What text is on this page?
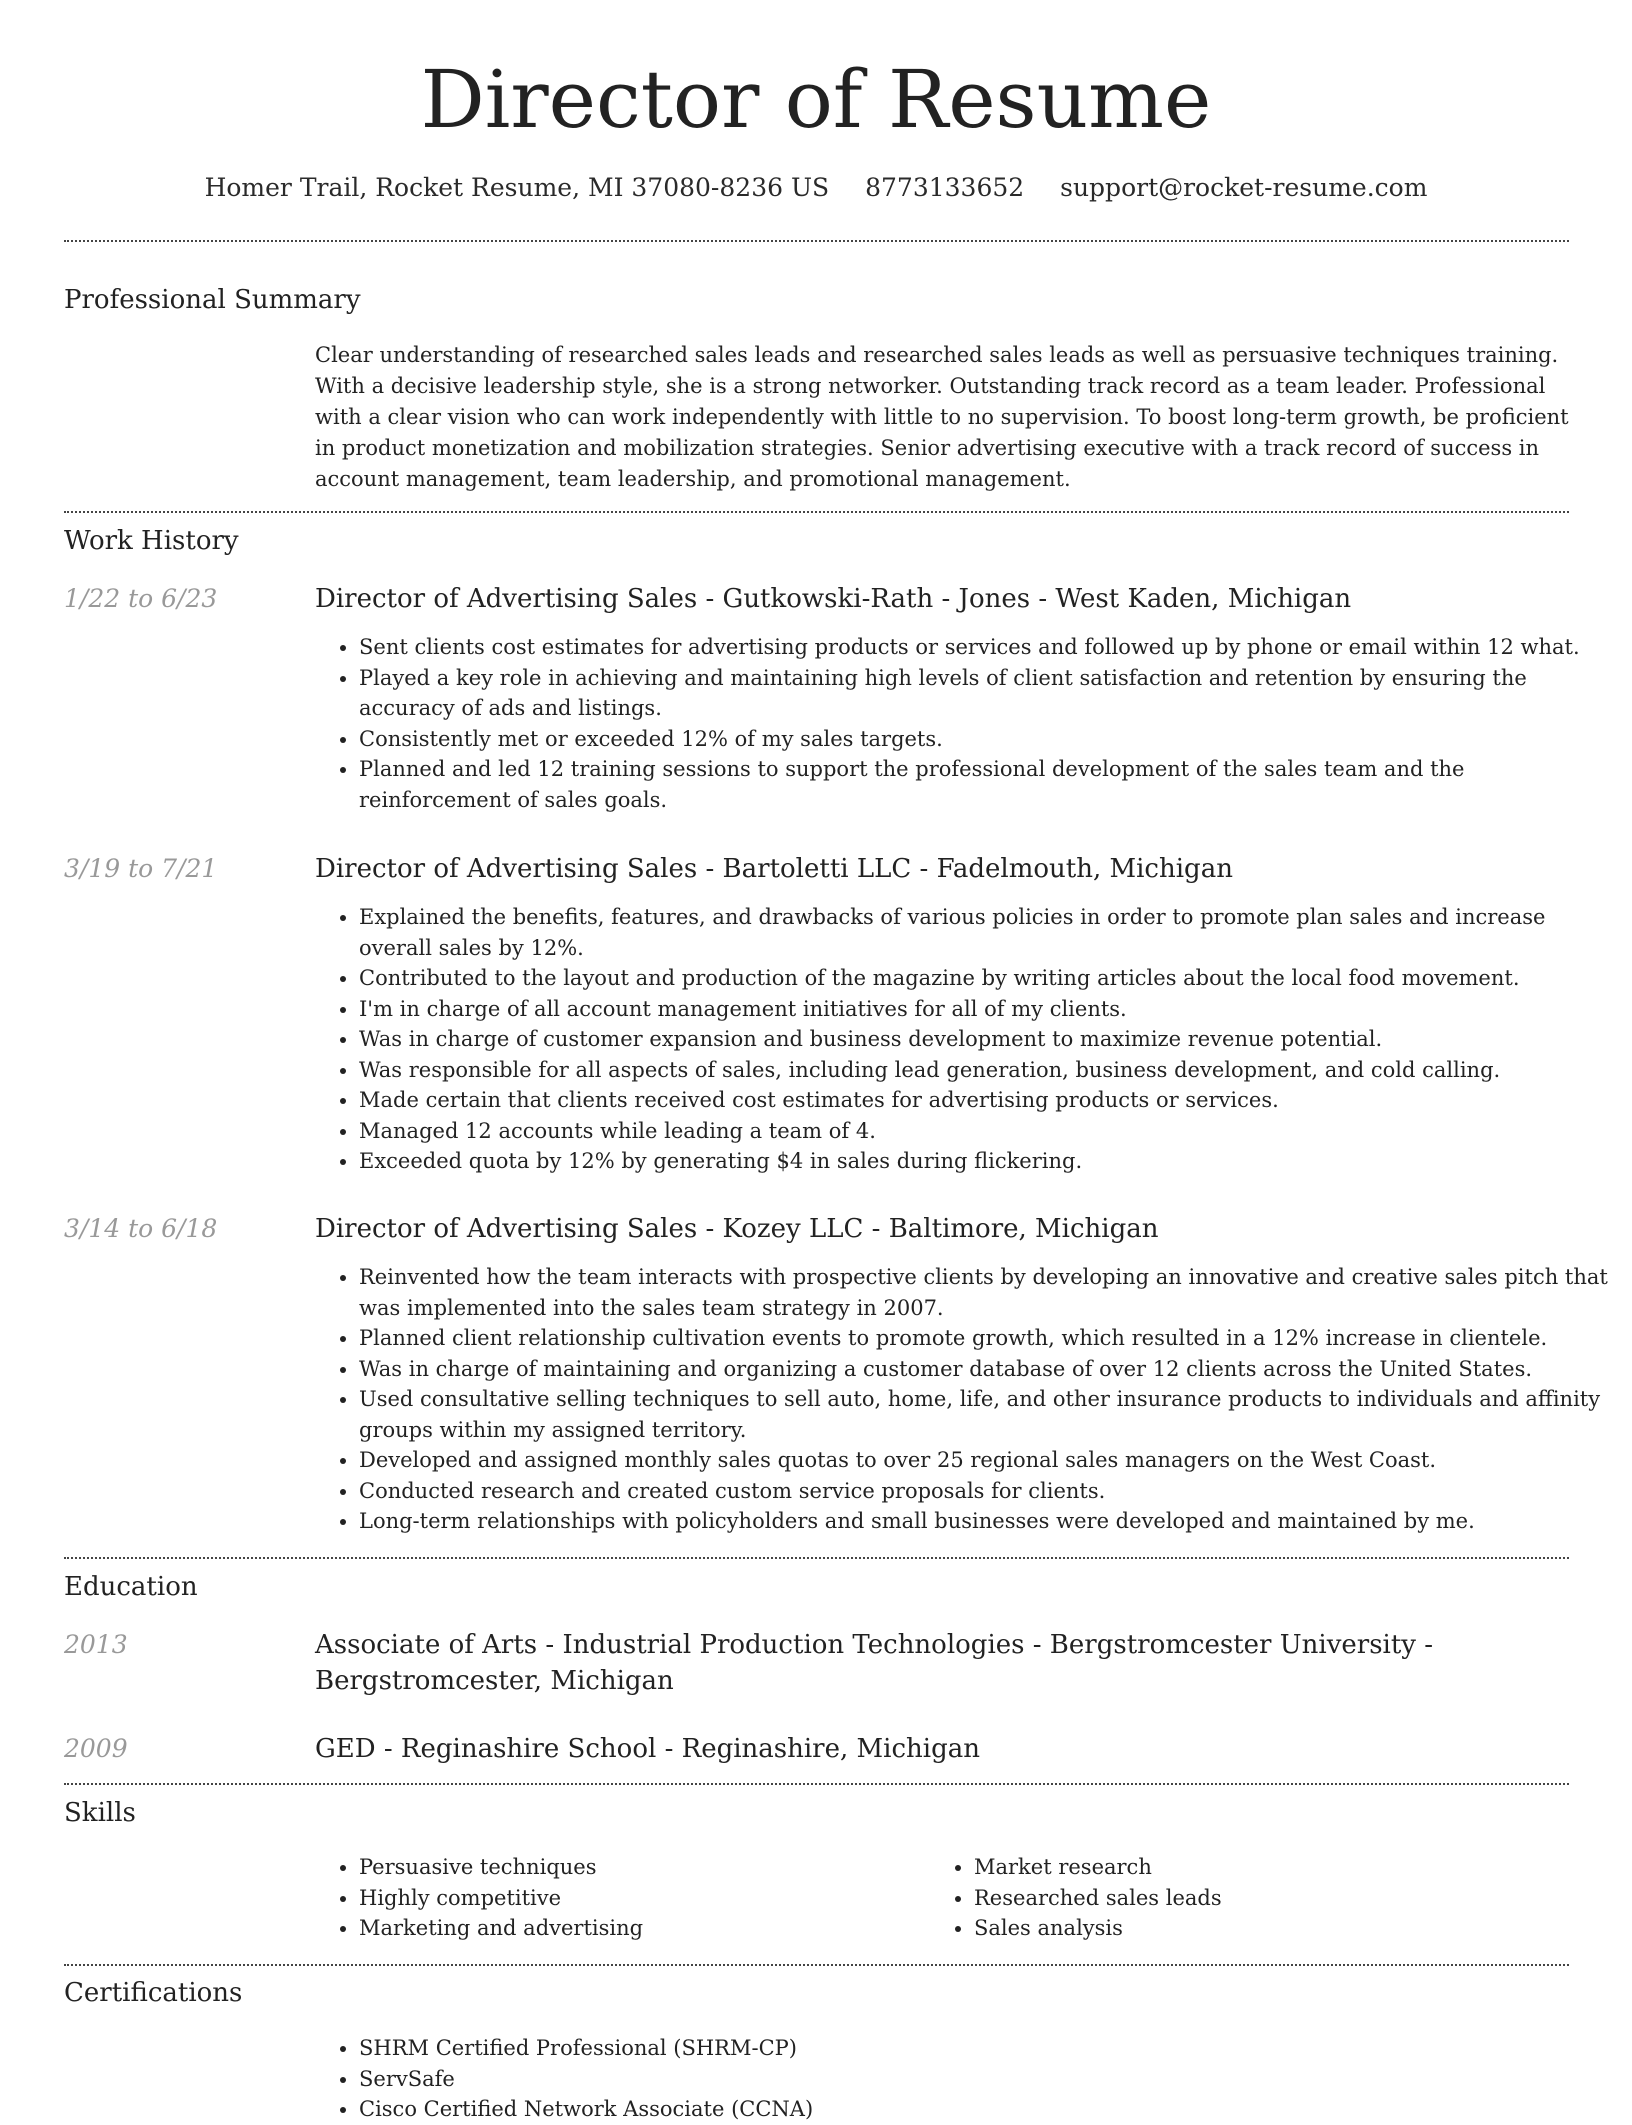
Director of Resume
Homer Trail, Rocket Resume, MI 37080-8236 US 8773133652 support@rocket-resume.com
Professional Summary

Clear understanding of researched sales leads and researched sales leads as well as persuasive techniques training. With a decisive leadership style, she is a strong networker. Outstanding track record as a team leader. Professional with a clear vision who can work independently with little to no supervision. To boost long-term growth, be proficient in product monetization and mobilization strategies. Senior advertising executive with a track record of success in account management, team leadership, and promotional management.

Work History
1/22 to 6/23	Director of Advertising Sales - Gutkowski-Rath - Jones - West Kaden, Michigan
• Sent clients cost estimates for advertising products or services and followed up by phone or email within 12 what.
• Played a key role in achieving and maintaining high levels of client satisfaction and retention by ensuring the accuracy of ads and listings.
• Consistently met or exceeded 12% of my sales targets.
• Planned and led 12 training sessions to support the professional development of the sales team and the reinforcement of sales goals.
3/19 to 7/21	Director of Advertising Sales - Bartoletti LLC - Fadelmouth, Michigan
• Explained the benefits, features, and drawbacks of various policies in order to promote plan sales and increase overall sales by 12%.
• Contributed to the layout and production of the magazine by writing articles about the local food movement.
• I'm in charge of all account management initiatives for all of my clients.
• Was in charge of customer expansion and business development to maximize revenue potential.
• Was responsible for all aspects of sales, including lead generation, business development, and cold calling.
• Made certain that clients received cost estimates for advertising products or services.
• Managed 12 accounts while leading a team of 4.
• Exceeded quota by 12% by generating $4 in sales during flickering.
3/14 to 6/18	Director of Advertising Sales - Kozey LLC - Baltimore, Michigan
• Reinvented how the team interacts with prospective clients by developing an innovative and creative sales pitch that was implemented into the sales team strategy in 2007.
• Planned client relationship cultivation events to promote growth, which resulted in a 12% increase in clientele.
• Was in charge of maintaining and organizing a customer database of over 12 clients across the United States.
• Used consultative selling techniques to sell auto, home, life, and other insurance products to individuals and affinity groups within my assigned territory.
• Developed and assigned monthly sales quotas to over 25 regional sales managers on the West Coast.
• Conducted research and created custom service proposals for clients.
• Long-term relationships with policyholders and small businesses were developed and maintained by me.
Education
2013	Associate of Arts - Industrial Production Technologies - Bergstromcester University - Bergstromcester, Michigan
2009	GED - Reginashire School - Reginashire, Michigan
Skills
• Persuasive techniques
• Highly competitive
• Marketing and advertising
• Market research
• Researched sales leads
• Sales analysis
Certifications
• SHRM Certified Professional (SHRM-CP)
• ServSafe
• Cisco Certified Network Associate (CCNA)
